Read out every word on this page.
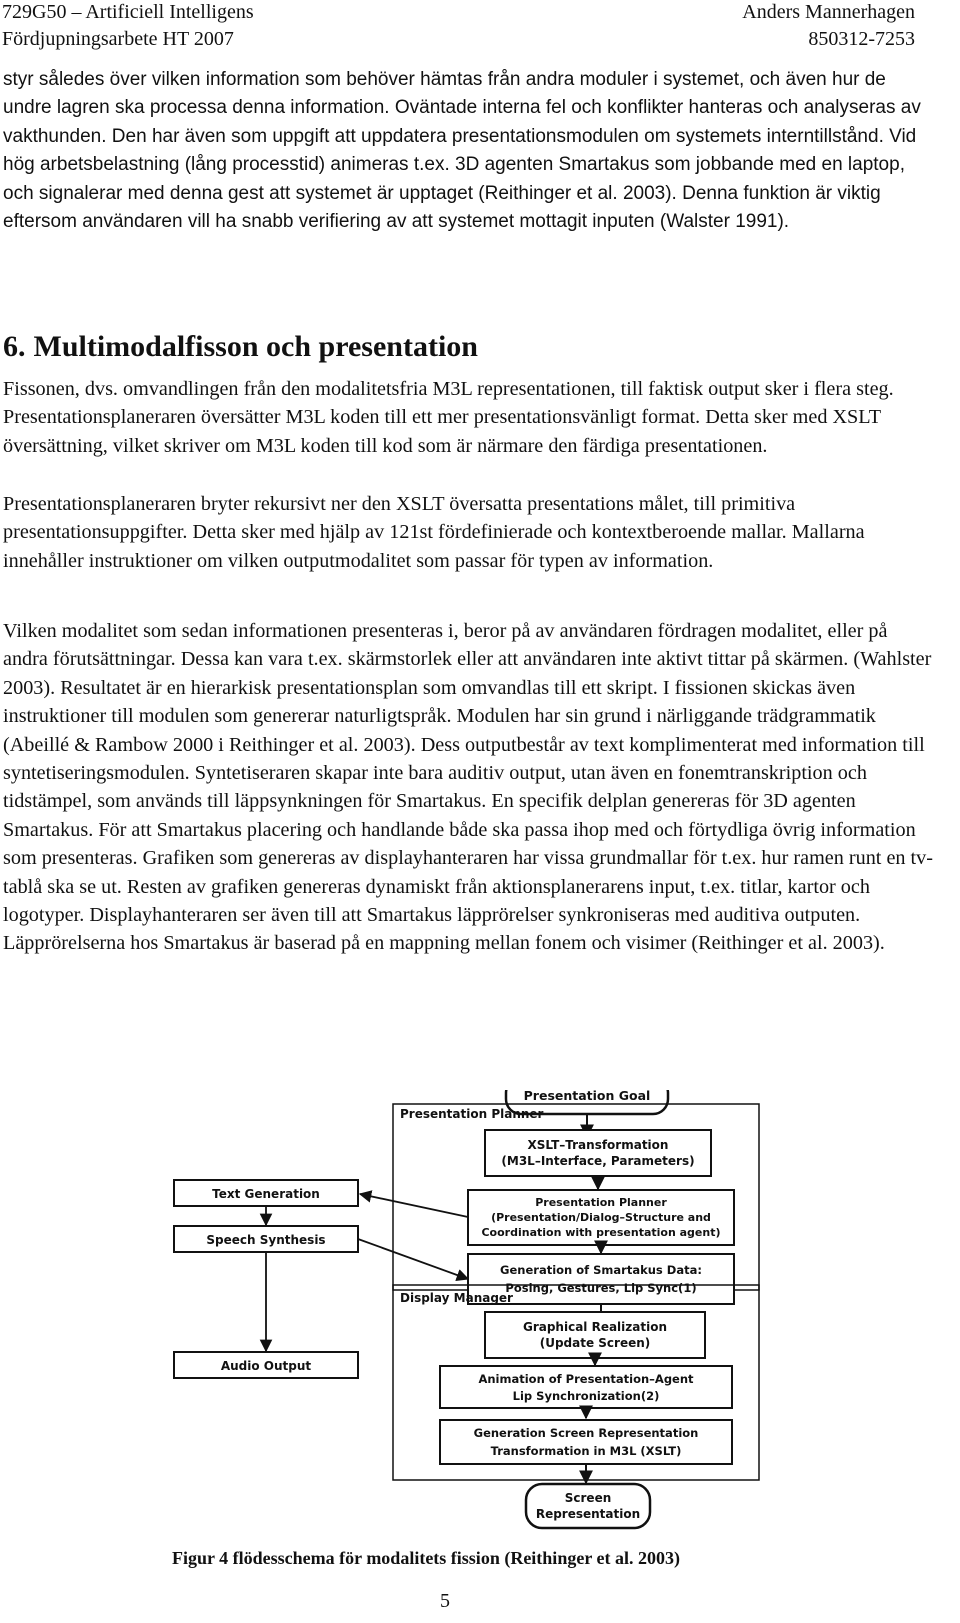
729G50 – Artificiell Intelligens
Fördjupningsarbete HT 2007
Anders Mannerhagen
850312-7253

styr således över vilken information som behöver hämtas från andra moduler i systemet, och även hur de undre lagren ska processa denna information. Oväntade interna fel och konflikter hanteras och analyseras av vakthunden. Den har även som uppgift att uppdatera presentationsmodulen om systemets interntillstånd. Vid hög arbetsbelastning (lång processtid) animeras t.ex. 3D agenten Smartakus som jobbande med en laptop, och signalerar med denna gest att systemet är upptaget (Reithinger et al. 2003). Denna funktion är viktig eftersom användaren vill ha snabb verifiering av att systemet mottagit inputen (Walster 1991).

6. Multimodalfisson och presentation

Fissonen, dvs. omvandlingen från den modalitetsfria M3L representationen, till faktisk output sker i flera steg. Presentationsplaneraren översätter M3L koden till ett mer presentationsvänligt format. Detta sker med XSLT översättning, vilket skriver om M3L koden till kod som är närmare den färdiga presentationen.

Presentationsplaneraren bryter rekursivt ner den XSLT översatta presentations målet, till primitiva presentationsuppgifter. Detta sker med hjälp av 121st fördefinierade och kontextberoende mallar. Mallarna innehåller instruktioner om vilken outputmodalitet som passar för typen av information.

Vilken modalitet som sedan informationen presenteras i, beror på av användaren fördragen modalitet, eller på andra förutsättningar. Dessa kan vara t.ex. skärmstorlek eller att användaren inte aktivt tittar på skärmen. (Wahlster 2003). Resultatet är en hierarkisk presentationsplan som omvandlas till ett skript. I fissionen skickas även instruktioner till modulen som genererar naturligtspråk. Modulen har sin grund i närliggande trädgrammatik (Abeillé & Rambow 2000 i Reithinger et al. 2003). Dess outputbestår av text komplimenterat med information till syntetiseringsmodulen. Syntetiseraren skapar inte bara auditiv output, utan även en fonemtranskription och tidstämpel, som används till läppsynkningen för Smartakus. En specifik delplan genereras för 3D agenten Smartakus. För att Smartakus placering och handlande både ska passa ihop med och förtydliga övrig information som presenteras. Grafiken som genereras av displayhanteraren har vissa grundmallar för t.ex. hur ramen runt en tv-tablå ska se ut. Resten av grafiken genereras dynamiskt från aktionsplanerarens input, t.ex. titlar, kartor och logotyper. Displayhanteraren ser även till att Smartakus läpprörelser synkroniseras med auditiva outputen. Läpprörelserna hos Smartakus är baserad på en mappning mellan fonem och visimer (Reithinger et al. 2003).

Presentation Goal
Presentation Planner
XSLT–Transformation
(M3L–Interface, Parameters)
Presentation Planner
(Presentation/Dialog–Structure and
Coordination with presentation agent)
Generation of Smartakus Data:
Posing, Gestures, Lip Sync(1)
Text Generation
Speech Synthesis
Audio Output
Display Manager
Graphical Realization
(Update Screen)
Animation of Presentation–Agent
Lip Synchronization(2)
Generation Screen Representation
Transformation in M3L (XSLT)
Screen
Representation
Figur 4 flödesschema för modalitets fission (Reithinger et al. 2003)
5
